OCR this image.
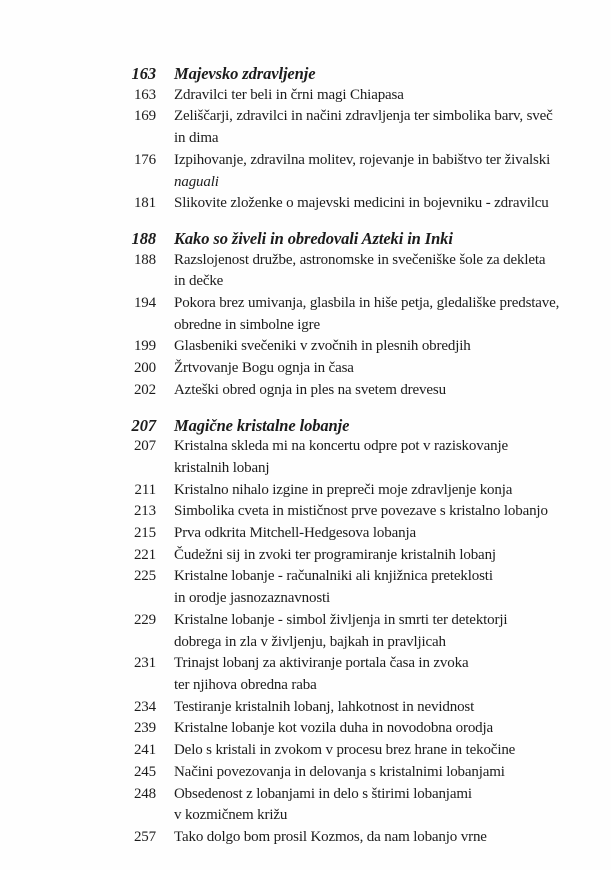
163 Majevsko zdravljenje
163 Zdravilci ter beli in črni magi Chiapasa
169 Zeliščarji, zdravilci in načini zdravljenja ter simbolika barv, sveč
in dima
176 Izpihovanje, zdravilna molitev, rojevanje in babištvo ter živalski
naguali
181 Slikovite zloženke o majevski medicini in bojevniku - zdravilcu
188 Kako so živeli in obredovali Azteki in Inki
188 Razslojenost družbe, astronomske in svečeniške šole za dekleta
in dečke
194 Pokora brez umivanja, glasbila in hiše petja, gledališke predstave,
obredne in simbolne igre
199 Glasbeniki svečeniki v zvočnih in plesnih obredjih
200 Žrtvovanje Bogu ognja in časa
202 Azteški obred ognja in ples na svetem drevesu
207 Magične kristalne lobanje
207 Kristalna skleda mi na koncertu odpre pot v raziskovanje
kristalnih lobanj
211 Kristalno nihalo izgine in prepreči moje zdravljenje konja
213 Simbolika cveta in mističnost prve povezave s kristalno lobanjo
215 Prva odkrita Mitchell-Hedgesova lobanja
221 Čudežni sij in zvoki ter programiranje kristalnih lobanj
225 Kristalne lobanje - računalniki ali knjižnica preteklosti
in orodje jasnozaznavnosti
229 Kristalne lobanje - simbol življenja in smrti ter detektorji
dobrega in zla v življenju, bajkah in pravljicah
231 Trinajst lobanj za aktiviranje portala časa in zvoka
ter njihova obredna raba
234 Testiranje kristalnih lobanj, lahkotnost in nevidnost
239 Kristalne lobanje kot vozila duha in novodobna orodja
241 Delo s kristali in zvokom v procesu brez hrane in tekočine
245 Načini povezovanja in delovanja s kristalnimi lobanjami
248 Obsedenost z lobanjami in delo s štirimi lobanjami
v kozmičnem križu
257 Tako dolgo bom prosil Kozmos, da nam lobanjo vrne
